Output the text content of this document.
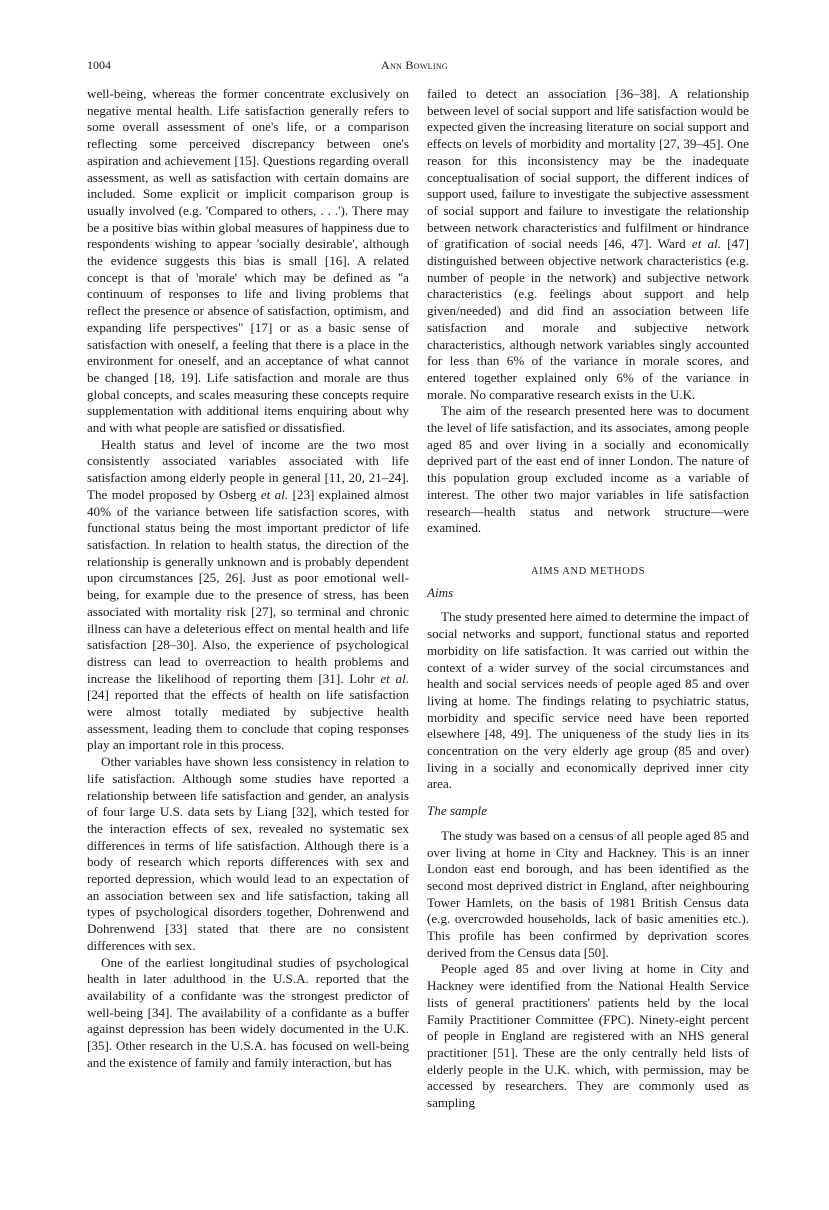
1004	Ann Bowling

well-being, whereas the former concentrate exclusively on negative mental health. Life satisfaction generally refers to some overall assessment of one's life, or a comparison reflecting some perceived discrepancy between one's aspiration and achievement [15]. Questions regarding overall assessment, as well as satisfaction with certain domains are included. Some explicit or implicit comparison group is usually involved (e.g. 'Compared to others, . . .'). There may be a positive bias within global measures of happiness due to respondents wishing to appear 'socially desirable', although the evidence suggests this bias is small [16]. A related concept is that of 'morale' which may be defined as "a continuum of responses to life and living problems that reflect the presence or absence of satisfaction, optimism, and expanding life perspectives" [17] or as a basic sense of satisfaction with oneself, a feeling that there is a place in the environment for oneself, and an acceptance of what cannot be changed [18, 19]. Life satisfaction and morale are thus global concepts, and scales measuring these concepts require supplementation with additional items enquiring about why and with what people are satisfied or dissatisfied.

Health status and level of income are the two most consistently associated variables associated with life satisfaction among elderly people in general [11, 20, 21–24]. The model proposed by Osberg et al. [23] explained almost 40% of the variance between life satisfaction scores, with functional status being the most important predictor of life satisfaction. In relation to health status, the direction of the relationship is generally unknown and is probably dependent upon circumstances [25, 26]. Just as poor emotional well-being, for example due to the presence of stress, has been associated with mortality risk [27], so terminal and chronic illness can have a deleterious effect on mental health and life satisfaction [28–30]. Also, the experience of psychological distress can lead to overreaction to health problems and increase the likelihood of reporting them [31]. Lohr et al. [24] reported that the effects of health on life satisfaction were almost totally mediated by subjective health assessment, leading them to conclude that coping responses play an important role in this process.

Other variables have shown less consistency in relation to life satisfaction. Although some studies have reported a relationship between life satisfaction and gender, an analysis of four large U.S. data sets by Liang [32], which tested for the interaction effects of sex, revealed no systematic sex differences in terms of life satisfaction. Although there is a body of research which reports differences with sex and reported depression, which would lead to an expectation of an association between sex and life satisfaction, taking all types of psychological disorders together, Dohrenwend and Dohrenwend [33] stated that there are no consistent differences with sex.

One of the earliest longitudinal studies of psychological health in later adulthood in the U.S.A. reported that the availability of a confidante was the strongest predictor of well-being [34]. The availability of a confidante as a buffer against depression has been widely documented in the U.K. [35]. Other research in the U.S.A. has focused on well-being and the existence of family and family interaction, but has

failed to detect an association [36–38]. A relationship between level of social support and life satisfaction would be expected given the increasing literature on social support and effects on levels of morbidity and mortality [27, 39–45]. One reason for this inconsistency may be the inadequate conceptualisation of social support, the different indices of support used, failure to investigate the subjective assessment of social support and failure to investigate the relationship between network characteristics and fulfilment or hindrance of gratification of social needs [46, 47]. Ward et al. [47] distinguished between objective network characteristics (e.g. number of people in the network) and subjective network characteristics (e.g. feelings about support and help given/needed) and did find an association between life satisfaction and morale and subjective network characteristics, although network variables singly accounted for less than 6% of the variance in morale scores, and entered together explained only 6% of the variance in morale. No comparative research exists in the U.K.

The aim of the research presented here was to document the level of life satisfaction, and its associates, among people aged 85 and over living in a socially and economically deprived part of the east end of inner London. The nature of this population group excluded income as a variable of interest. The other two major variables in life satisfaction research—health status and network structure—were examined.

AIMS AND METHODS
Aims

The study presented here aimed to determine the impact of social networks and support, functional status and reported morbidity on life satisfaction. It was carried out within the context of a wider survey of the social circumstances and health and social services needs of people aged 85 and over living at home. The findings relating to psychiatric status, morbidity and specific service need have been reported elsewhere [48, 49]. The uniqueness of the study lies in its concentration on the very elderly age group (85 and over) living in a socially and economically deprived inner city area.

The sample

The study was based on a census of all people aged 85 and over living at home in City and Hackney. This is an inner London east end borough, and has been identified as the second most deprived district in England, after neighbouring Tower Hamlets, on the basis of 1981 British Census data (e.g. overcrowded households, lack of basic amenities etc.). This profile has been confirmed by deprivation scores derived from the Census data [50].

People aged 85 and over living at home in City and Hackney were identified from the National Health Service lists of general practitioners' patients held by the local Family Practitioner Committee (FPC). Ninety-eight percent of people in England are registered with an NHS general practitioner [51]. These are the only centrally held lists of elderly people in the U.K. which, with permission, may be accessed by researchers. They are commonly used as sampling
